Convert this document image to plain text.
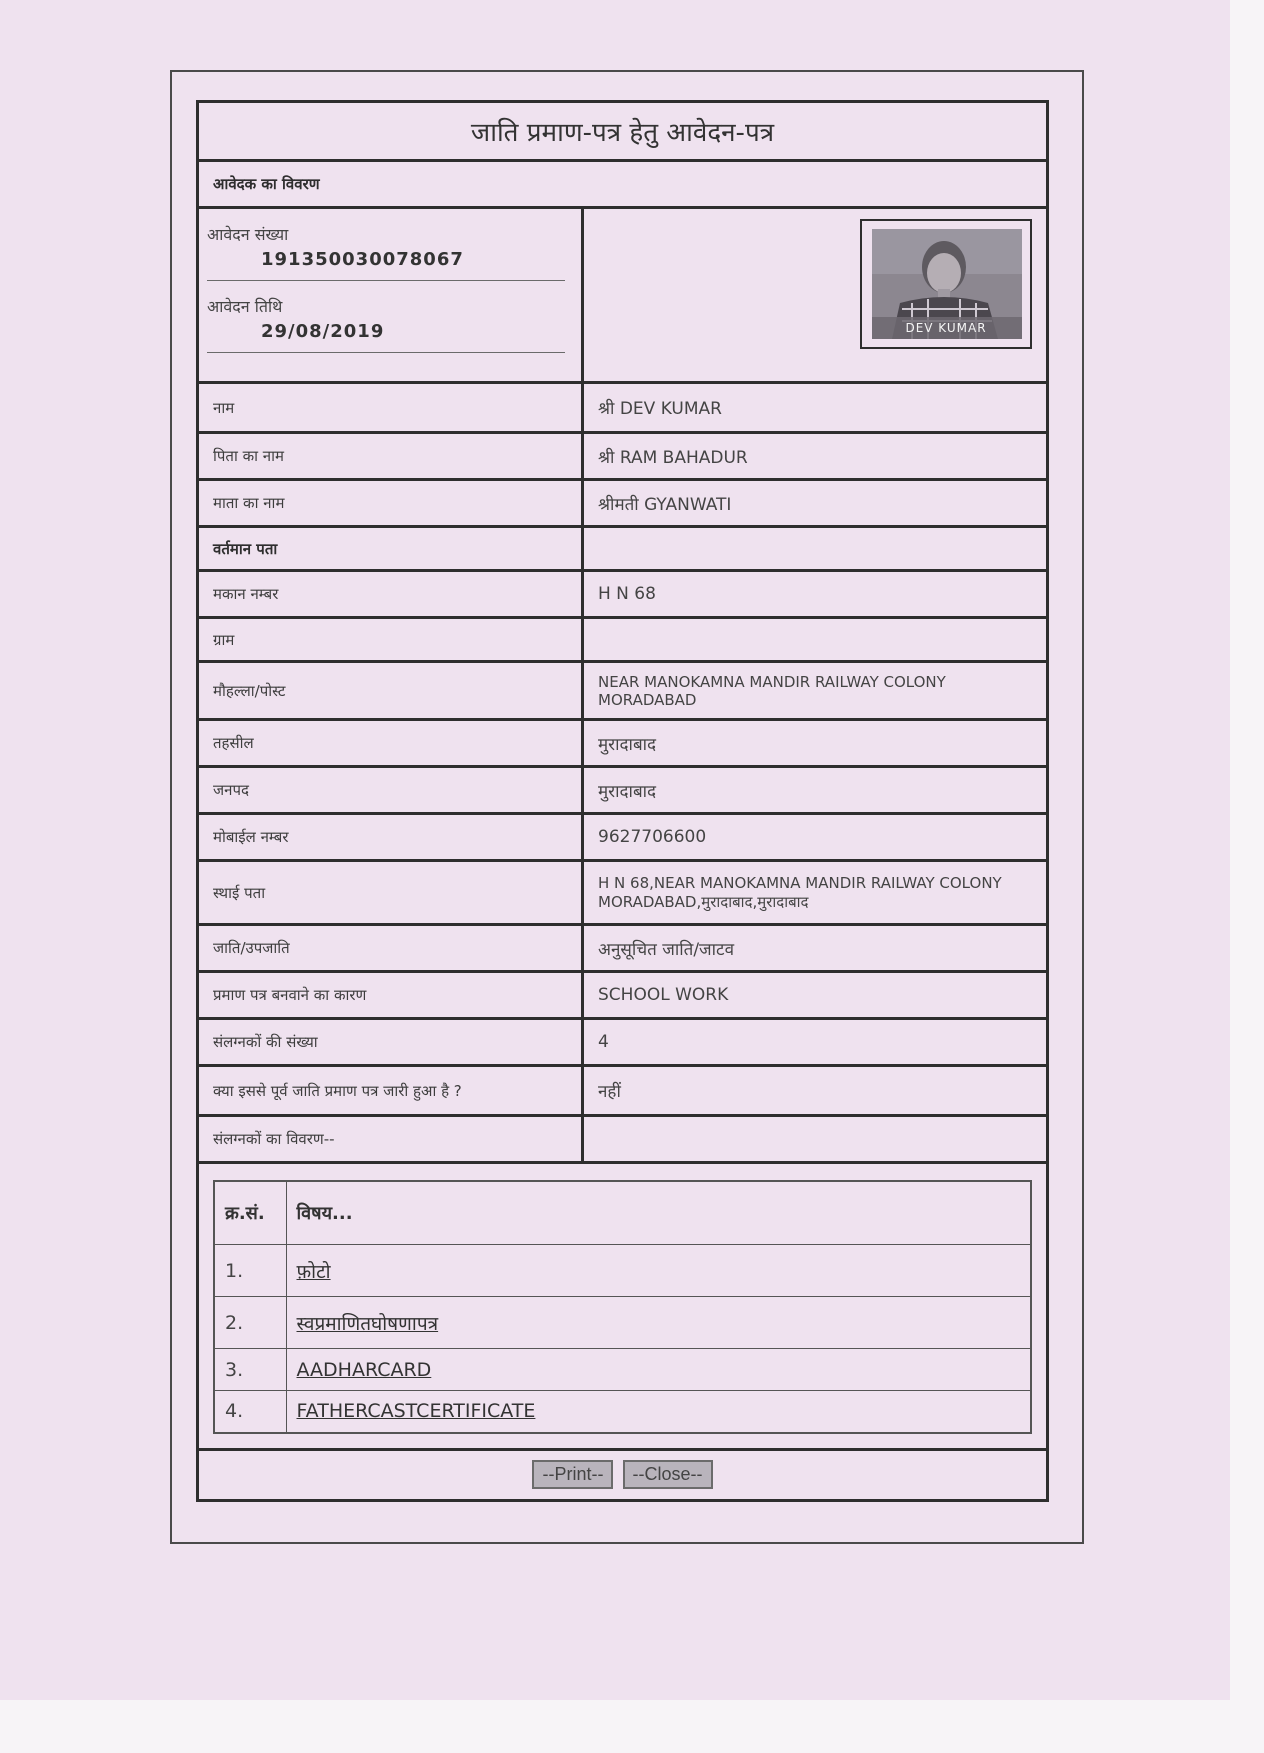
जाति प्रमाण-पत्र हेतु आवेदन-पत्र
आवेदक का विवरण

आवेदन संख्या
191350030078067
आवेदन तिथि
29/08/2019	DEV KUMAR

नाम	श्री DEV KUMAR
पिता का नाम	श्री RAM BAHADUR
माता का नाम	श्रीमती GYANWATI
वर्तमान पता	
मकान नम्बर	H N 68
ग्राम	
मौहल्ला/पोस्ट	NEAR MANOKAMNA MANDIR RAILWAY COLONY MORADABAD
तहसील	मुरादाबाद
जनपद	मुरादाबाद
मोबाईल नम्बर	9627706600
स्थाई पता	H N 68,NEAR MANOKAMNA MANDIR RAILWAY COLONY MORADABAD,मुरादाबाद,मुरादाबाद
जाति/उपजाति	अनुसूचित जाति/जाटव
प्रमाण पत्र बनवाने का कारण	SCHOOL WORK
संलग्नकों की संख्या	4
क्या इससे पूर्व जाति प्रमाण पत्र जारी हुआ है ?	नहीं
संलग्नकों का विवरण--	

क्र.सं.	विषय...
1.	फ़ोटो
2.	स्वप्रमाणितघोषणापत्र
3.	AADHARCARD
4.	FATHERCASTCERTIFICATE

--Print-- --Close--
